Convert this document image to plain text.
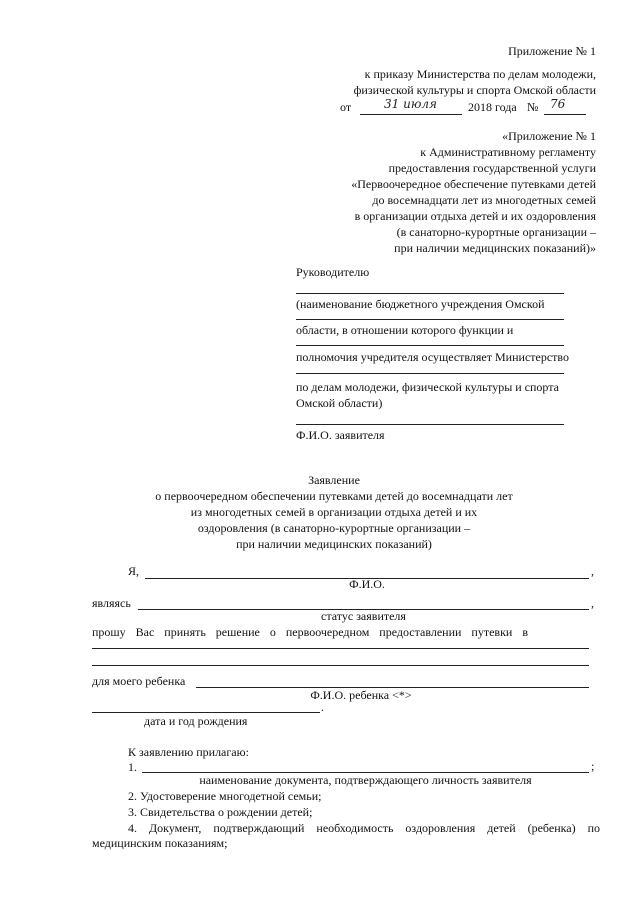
Приложение № 1
к приказу Министерства по делам молодежи,
физической культуры и спорта Омской области
от	31 июля	2018 года № 76
«Приложение № 1
к Административному регламенту
предоставления государственной услуги
«Первоочередное обеспечение путевками детей
до восемнадцати лет из многодетных семей
в организации отдыха детей и их оздоровления
(в санаторно-курортные организации –
при наличии медицинских показаний)»
Руководителю
(наименование бюджетного учреждения Омской
области, в отношении которого функции и
полномочия учредителя осуществляет Министерство
по делам молодежи, физической культуры и спорта
Омской области)
Ф.И.О. заявителя
Заявление
о первоочередном обеспечении путевками детей до восемнадцати лет
из многодетных семей в организации отдыха детей и их
оздоровления (в санаторно-курортные организации –
при наличии медицинских показаний)
Я,	,
Ф.И.О.
являясь	,
статус заявителя
прошу Вас принять решение о первоочередном предоставлении путевки в
для моего ребенка
Ф.И.О. ребенка <*>
.
дата и год рождения
К заявлению прилагаю:
1.	;
наименование документа, подтверждающего личность заявителя
2. Удостоверение многодетной семьи;
3. Свидетельства о рождении детей;
4. Документ, подтверждающий необходимость оздоровления детей (ребенка) по
медицинским показаниям;
